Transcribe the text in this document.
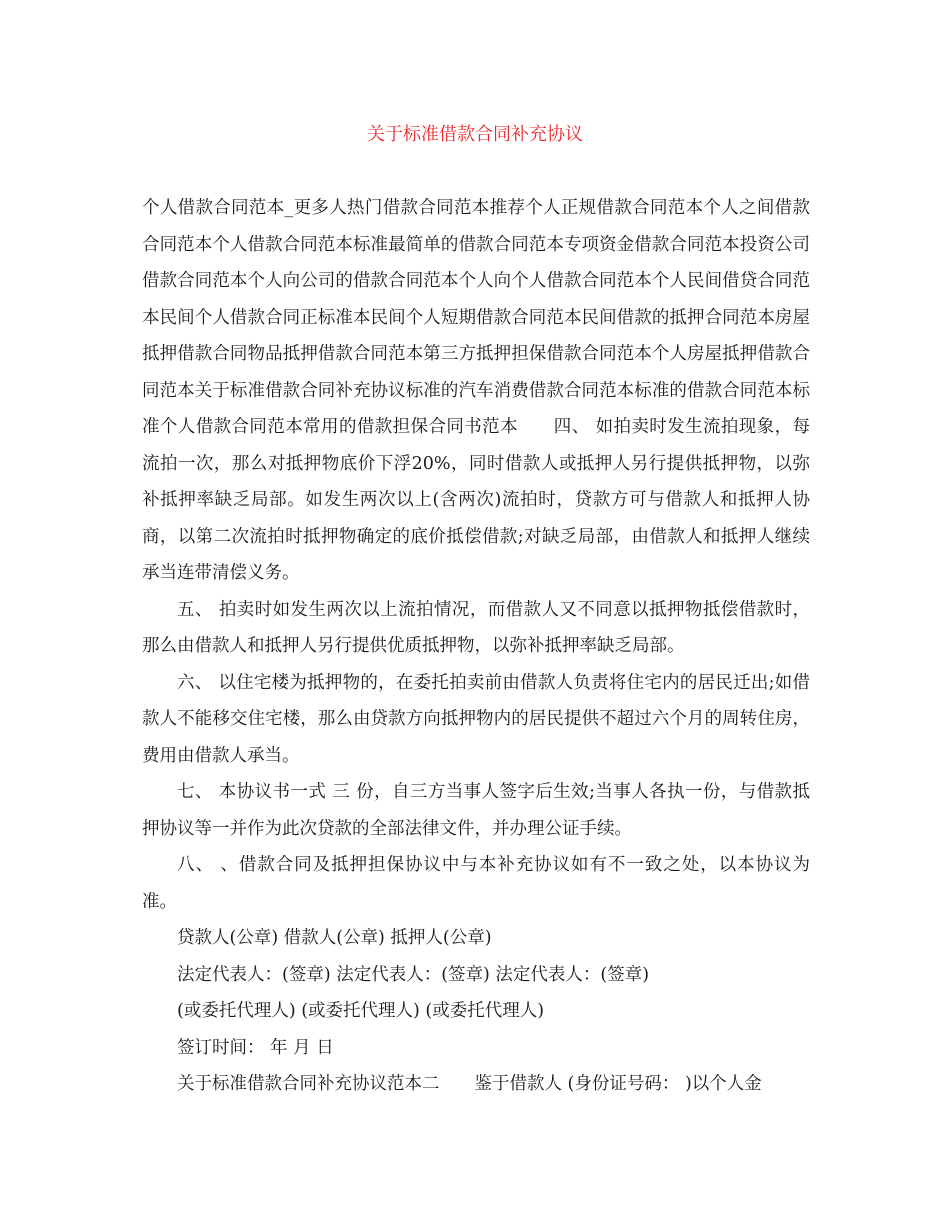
关于标准借款合同补充协议

个人借款合同范本_更多人热门借款合同范本推荐个人正规借款合同范本个人之间借款合同范本个人借款合同范本标准最简单的借款合同范本专项资金借款合同范本投资公司借款合同范本个人向公司的借款合同范本个人向个人借款合同范本个人民间借贷合同范本民间个人借款合同正标准本民间个人短期借款合同范本民间借款的抵押合同范本房屋抵押借款合同物品抵押借款合同范本第三方抵押担保借款合同范本个人房屋抵押借款合同范本关于标准借款合同补充协议标准的汽车消费借款合同范本标准的借款合同范本标准个人借款合同范本常用的借款担保合同书范本　　 四、 如拍卖时发生流拍现象，每流拍一次，那么对抵押物底价下浮20%，同时借款人或抵押人另行提供抵押物，以弥补抵押率缺乏局部。如发生两次以上(含两次)流拍时，贷款方可与借款人和抵押人协商，以第二次流拍时抵押物确定的底价抵偿借款;对缺乏局部，由借款人和抵押人继续承当连带清偿义务。

五、 拍卖时如发生两次以上流拍情况，而借款人又不同意以抵押物抵偿借款时，那么由借款人和抵押人另行提供优质抵押物，以弥补抵押率缺乏局部。

六、 以住宅楼为抵押物的，在委托拍卖前由借款人负责将住宅内的居民迁出;如借款人不能移交住宅楼，那么由贷款方向抵押物内的居民提供不超过六个月的周转住房，费用由借款人承当。

七、 本协议书一式 三 份，自三方当事人签字后生效;当事人各执一份，与借款抵押协议等一并作为此次贷款的全部法律文件，并办理公证手续。

八、 、借款合同及抵押担保协议中与本补充协议如有不一致之处，以本协议为准。

贷款人(公章) 借款人(公章) 抵押人(公章)

法定代表人：(签章) 法定代表人：(签章) 法定代表人：(签章)

(或委托代理人) (或委托代理人) (或委托代理人)

签订时间： 年 月 日

关于标准借款合同补充协议范本二　　 鉴于借款人 (身份证号码： )以个人金
